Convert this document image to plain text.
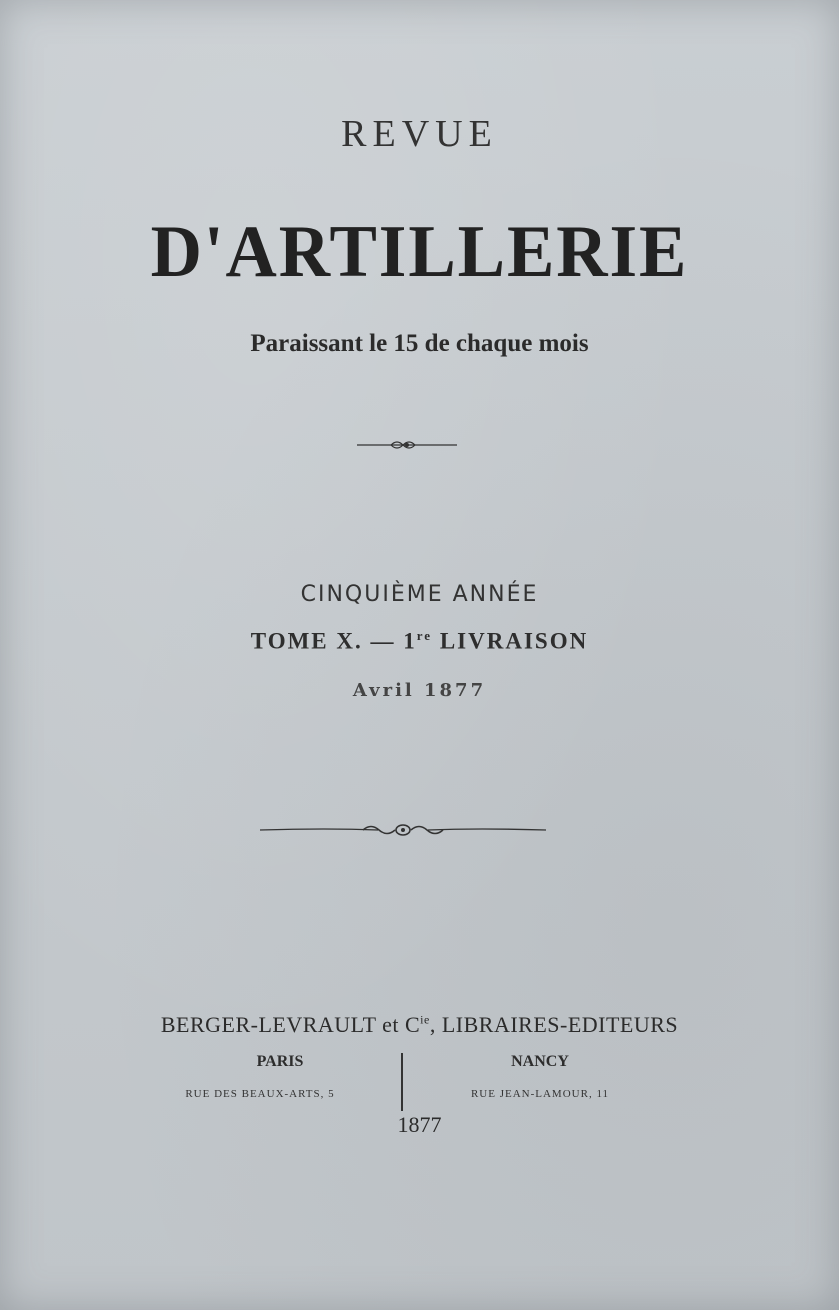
REVUE
D'ARTILLERIE
Paraissant le 15 de chaque mois
CINQUIÈME ANNÉE
TOME X. — 1re LIVRAISON
Avril 1877
BERGER-LEVRAULT et $C^{ie}$, LIBRAIRES-EDITEURS
PARIS
RUE DES BEAUX-ARTS, 5
NANCY
RUE JEAN-LAMOUR, 11
1877
